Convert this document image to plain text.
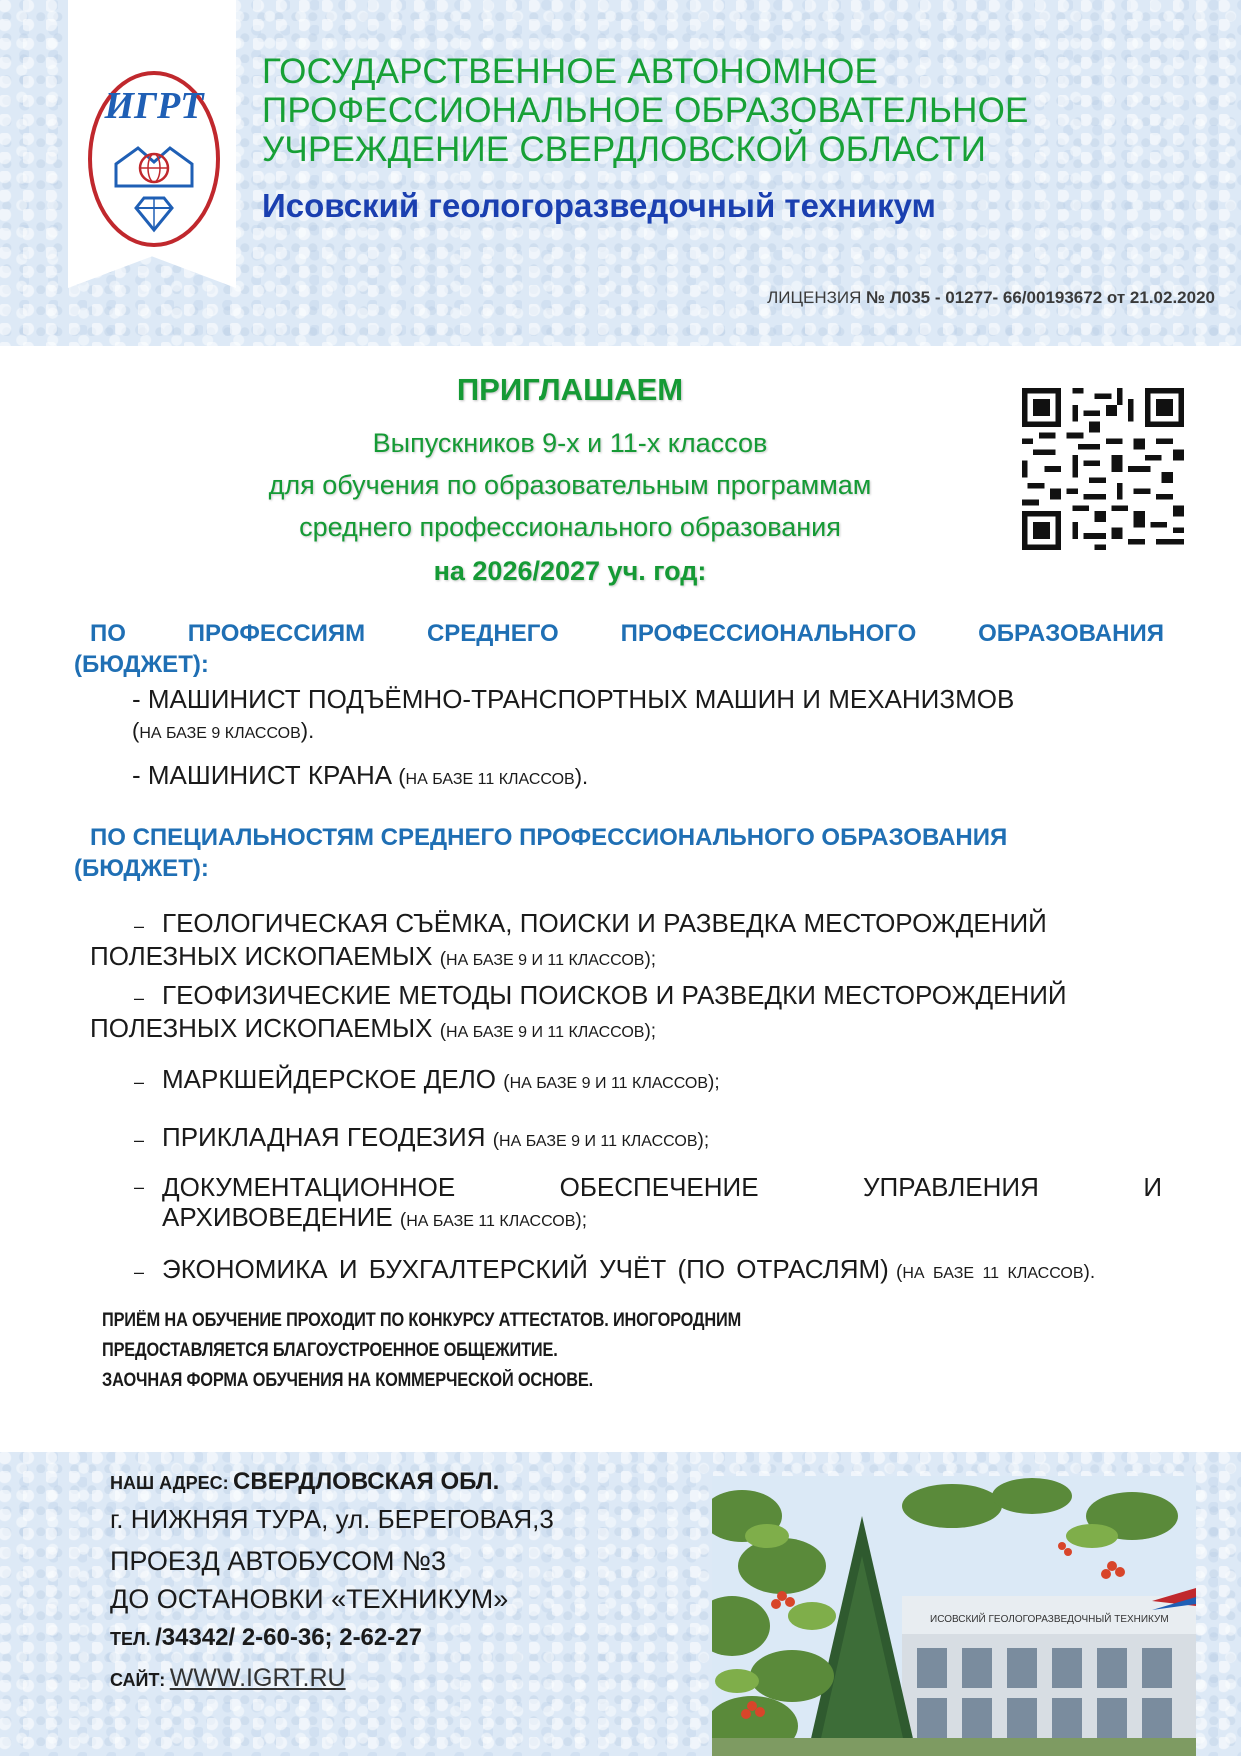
ИГРТ
ГОСУДАРСТВЕННОЕ АВТОНОМНОЕ
ПРОФЕССИОНАЛЬНОЕ ОБРАЗОВАТЕЛЬНОЕ
УЧРЕЖДЕНИЕ СВЕРДЛОВСКОЙ ОБЛАСТИ
Исовский геологоразведочный техникум
ЛИЦЕНЗИЯ № Л035 - 01277- 66/00193672 от 21.02.2020
ПРИГЛАШАЕМ
Выпускников 9-х и 11-х классов
для обучения по образовательным программам
среднего профессионального образования
на 2026/2027 уч. год:
ПО	ПРОФЕССИЯМ	СРЕДНЕГО	ПРОФЕССИОНАЛЬНОГО	ОБРАЗОВАНИЯ
(БЮДЖЕТ):
- МАШИНИСТ ПОДЪЁМНО-ТРАНСПОРТНЫХ МАШИН И МЕХАНИЗМОВ
(НА БАЗЕ 9 КЛАССОВ).
- МАШИНИСТ КРАНА (НА БАЗЕ 11 КЛАССОВ).
ПО СПЕЦИАЛЬНОСТЯМ СРЕДНЕГО ПРОФЕССИОНАЛЬНОГО ОБРАЗОВАНИЯ
(БЮДЖЕТ):
– ГЕОЛОГИЧЕСКАЯ СЪЁМКА, ПОИСКИ И РАЗВЕДКА МЕСТОРОЖДЕНИЙ
ПОЛЕЗНЫХ ИСКОПАЕМЫХ (НА БАЗЕ 9 И 11 КЛАССОВ);
– ГЕОФИЗИЧЕСКИЕ МЕТОДЫ ПОИСКОВ И РАЗВЕДКИ МЕСТОРОЖДЕНИЙ
ПОЛЕЗНЫХ ИСКОПАЕМЫХ (НА БАЗЕ 9 И 11 КЛАССОВ);
– МАРКШЕЙДЕРСКОЕ ДЕЛО (НА БАЗЕ 9 И 11 КЛАССОВ);
– ПРИКЛАДНАЯ ГЕОДЕЗИЯ (НА БАЗЕ 9 И 11 КЛАССОВ);
– ДОКУМЕНТАЦИОННОЕ	ОБЕСПЕЧЕНИЕ	УПРАВЛЕНИЯ	И
АРХИВОВЕДЕНИЕ (НА БАЗЕ 11 КЛАССОВ);
– ЭКОНОМИКА И БУХГАЛТЕРСКИЙ УЧЁТ (ПО ОТРАСЛЯМ) (НА БАЗЕ 11 КЛАССОВ).
ПРИЁМ НА ОБУЧЕНИЕ ПРОХОДИТ ПО КОНКУРСУ АТТЕСТАТОВ. ИНОГОРОДНИМ
ПРЕДОСТАВЛЯЕТСЯ БЛАГОУСТРОЕННОЕ ОБЩЕЖИТИЕ.
ЗАОЧНАЯ ФОРМА ОБУЧЕНИЯ НА КОММЕРЧЕСКОЙ ОСНОВЕ.
НАШ АДРЕС: СВЕРДЛОВСКАЯ ОБЛ.
г. НИЖНЯЯ ТУРА, ул. БЕРЕГОВАЯ,3
ПРОЕЗД АВТОБУСОМ №3
ДО ОСТАНОВКИ «ТЕХНИКУМ»
ТЕЛ. /34342/ 2-60-36; 2-62-27
САЙТ: WWW.IGRT.RU
ИСОВСКИЙ ГЕОЛОГОРАЗВЕДОЧНЫЙ ТЕХНИКУМ
